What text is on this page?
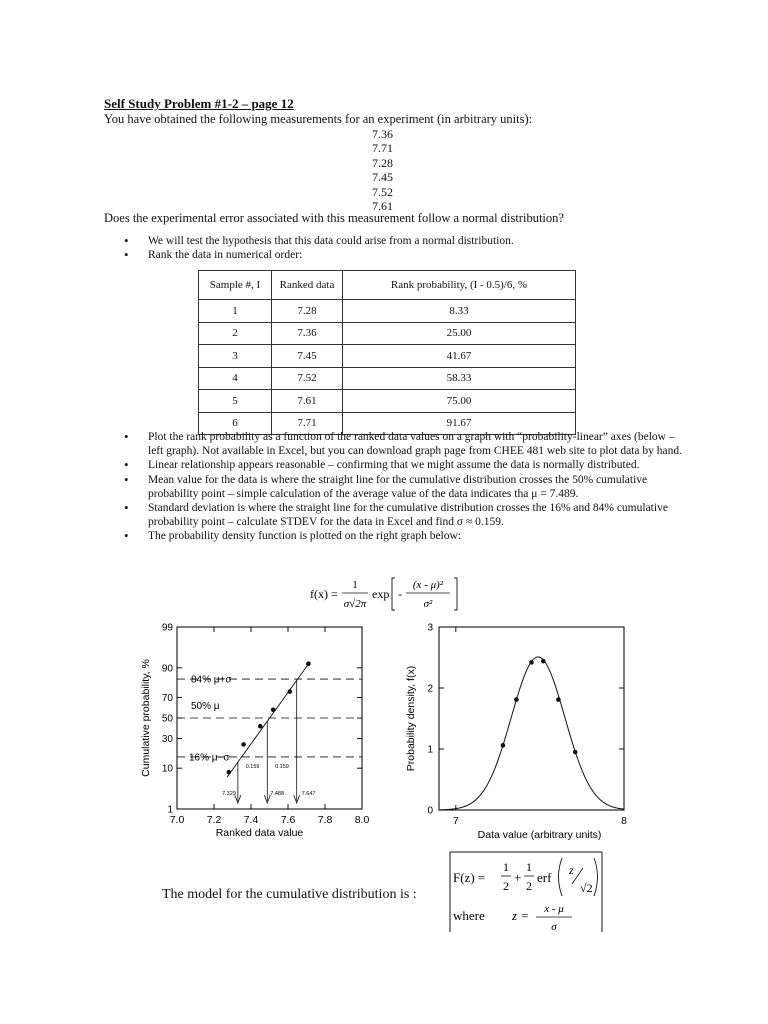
Self Study Problem #1-2 – page 12
You have obtained the following measurements for an experiment (in arbitrary units):
7.36
7.71
7.28
7.45
7.52
7.61
Does the experimental error associated with this measurement follow a normal distribution?
• We will test the hypothesis that this data could arise from a normal distribution.
• Rank the data in numerical order:
Sample #, I	Ranked data	Rank probability, (I - 0.5)/6, %
1	7.28	8.33
2	7.36	25.00
3	7.45	41.67
4	7.52	58.33
5	7.61	75.00
6	7.71	91.67
• Plot the rank probability as a function of the ranked data values on a graph with “probability-linear” axes (below – left graph). Not available in Excel, but you can download graph page from CHEE 481 web site to plot data by hand.
• Linear relationship appears reasonable – confirming that we might assume the data is normally distributed.
• Mean value for the data is where the straight line for the cumulative distribution crosses the 50% cumulative probability point – simple calculation of the average value of the data indicates tha μ = 7.489.
• Standard deviation is where the straight line for the cumulative distribution crosses the 16% and 84% cumulative probability point – calculate STDEV for the data in Excel and find σ ≈ 0.159.
• The probability density function is plotted on the right graph below:
f(x) =
1
σ√2π
exp -
(x - μ)²
σ²
1
10
30
50
70
90
99
7.0 7.2 7.4 7.6 7.8 8.0
Cumulative probability, %
Ranked data value
84% μ+σ
50% μ
16% μ−σ
0.159	0.159
7.329	7.488	7.647
0
1
2
3
7	8
Probability density, f(x)
Data value (arbitrary units)
The model for the cumulative distribution is :
F(z) =
1
2
+
1
2
erf z
√2
where z = x - μ
σ
